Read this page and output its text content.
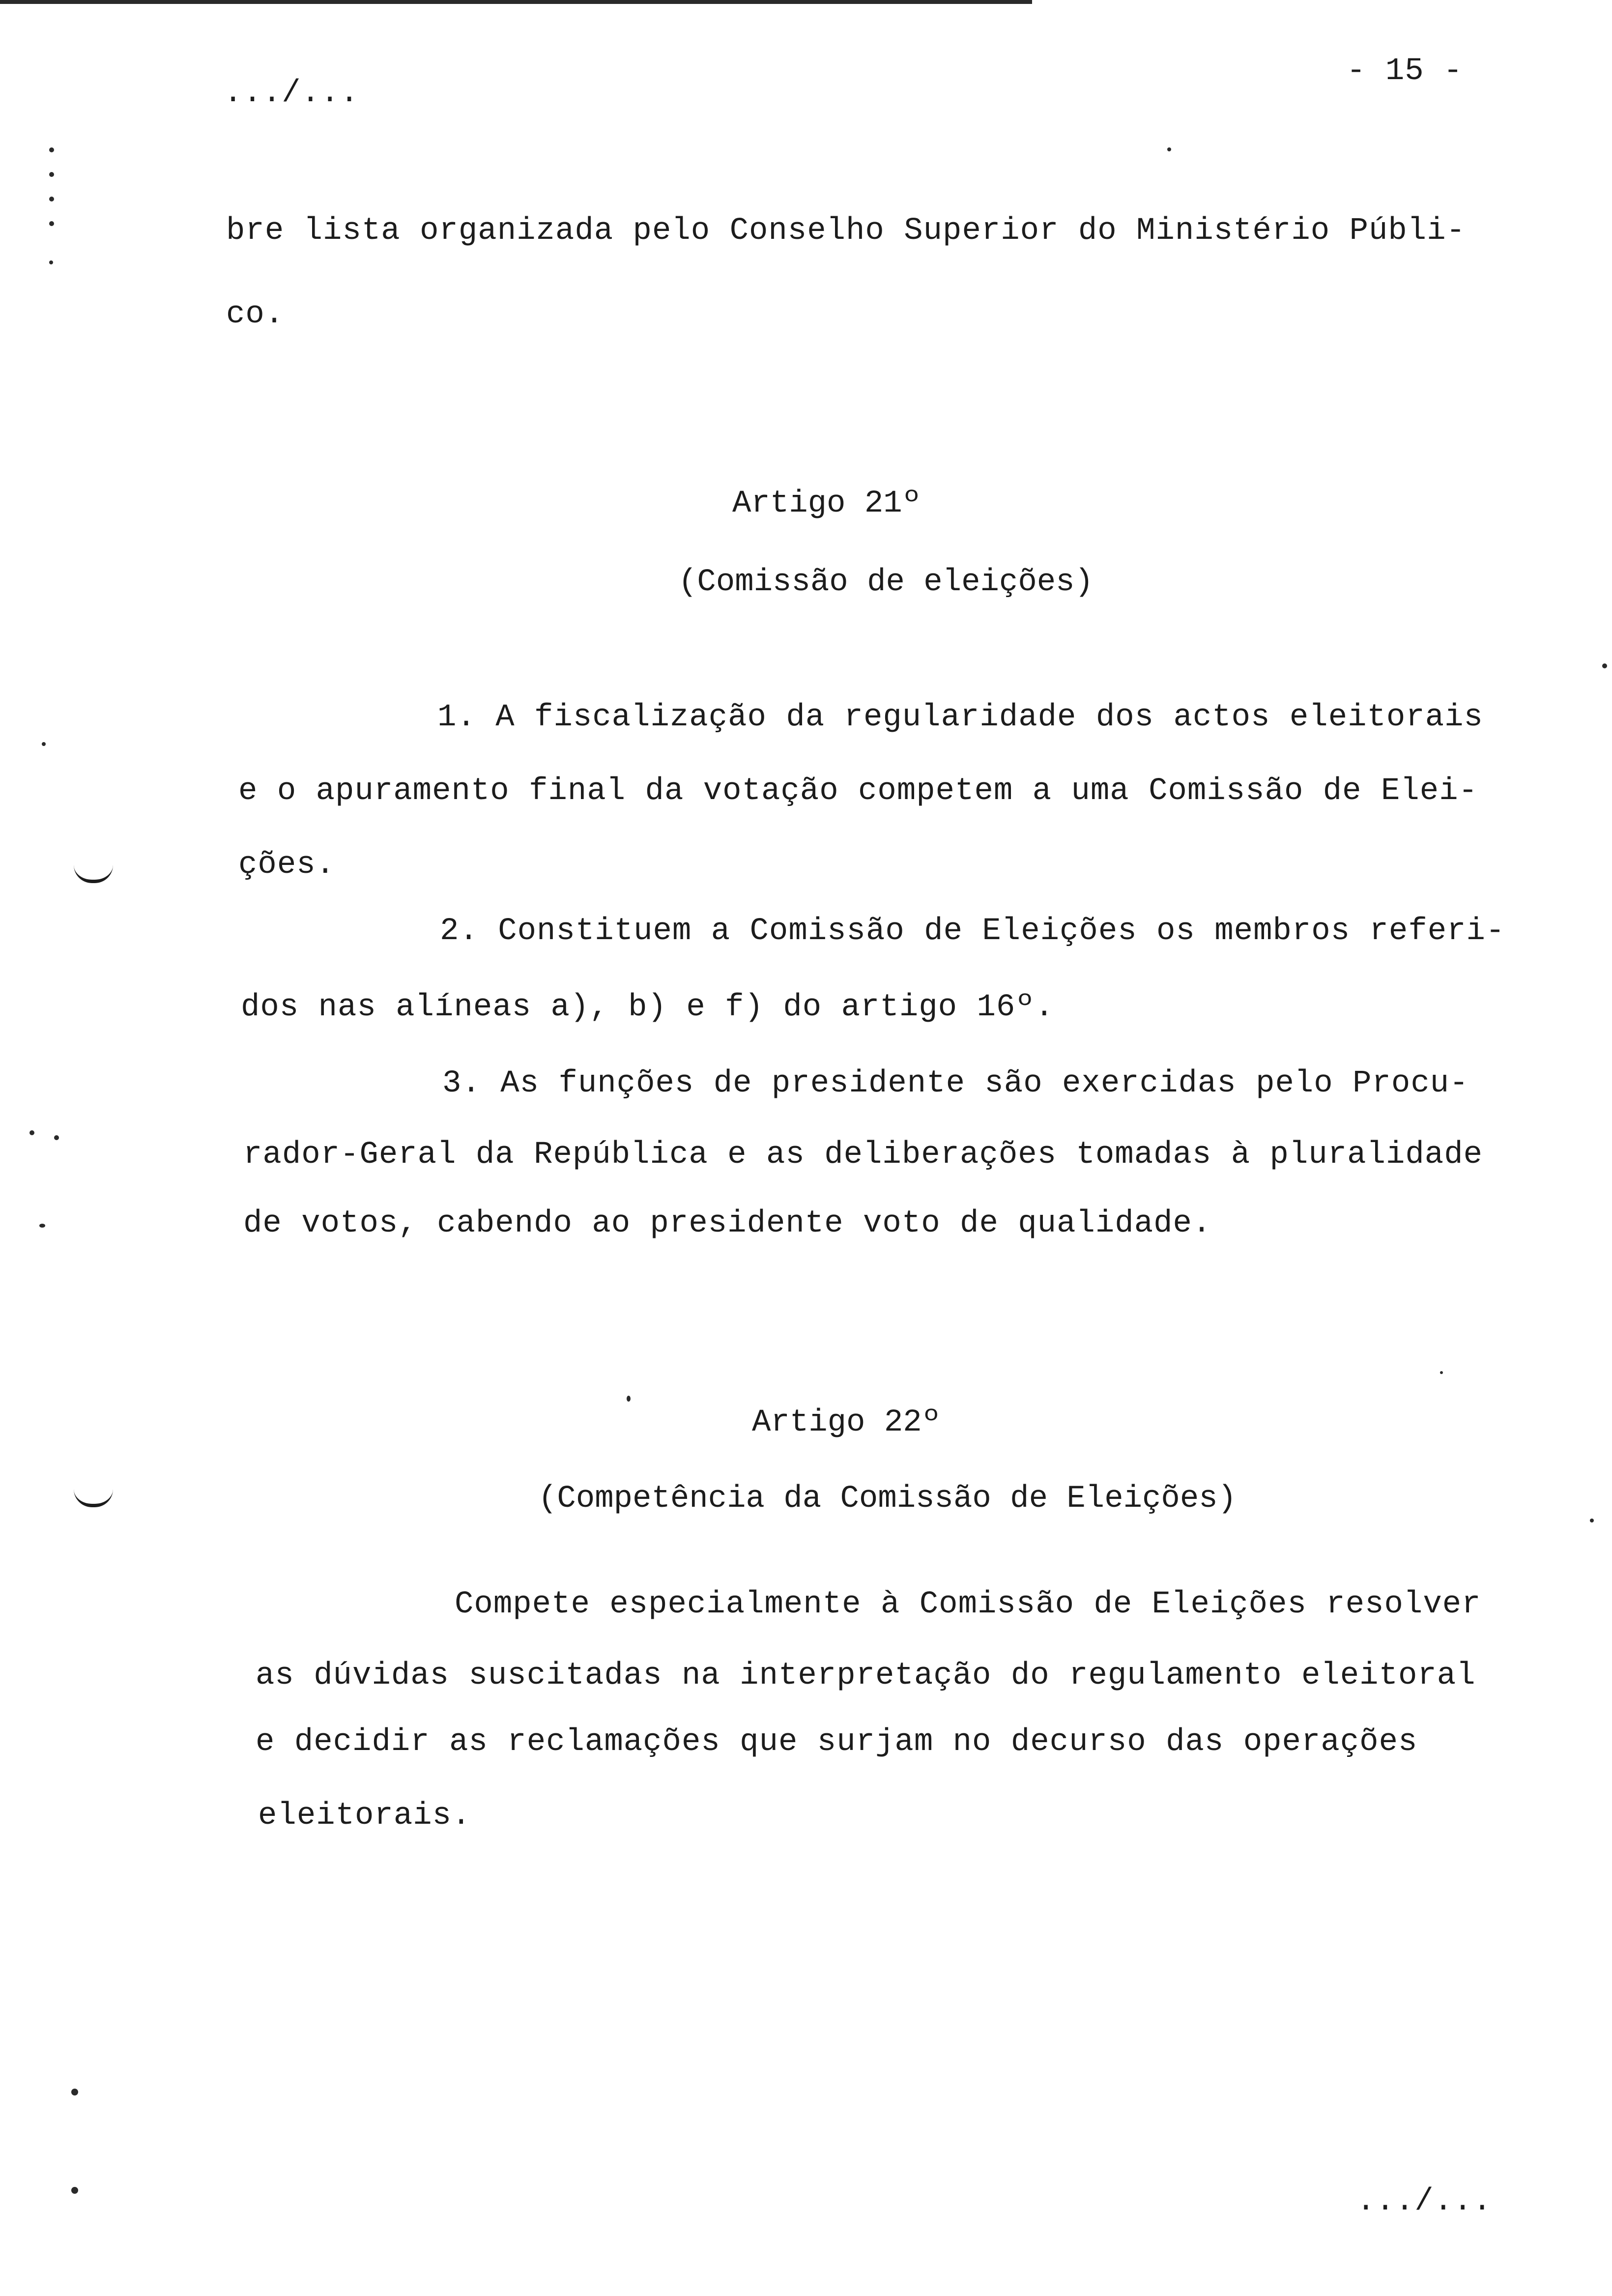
.../...
- 15 -
bre lista organizada pelo Conselho Superior do Ministério Públi-
co.
Artigo 21º
(Comissão de eleições)
1. A fiscalização da regularidade dos actos eleitorais
e o apuramento final da votação competem a uma Comissão de Elei-
ções.
2. Constituem a Comissão de Eleições os membros referi-
dos nas alíneas a), b) e f) do artigo 16º.
3. As funções de presidente são exercidas pelo Procu-
rador-Geral da República e as deliberações tomadas à pluralidade
de votos, cabendo ao presidente voto de qualidade.
Artigo 22º
(Competência da Comissão de Eleições)
Compete especialmente à Comissão de Eleições resolver
as dúvidas suscitadas na interpretação do regulamento eleitoral
e decidir as reclamações que surjam no decurso das operações
eleitorais.
.../...
